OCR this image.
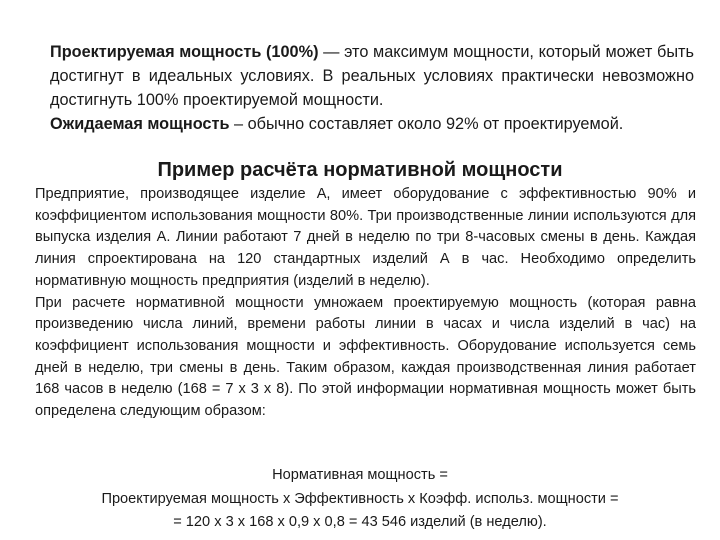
Проектируемая мощность (100%) — это максимум мощности, который может быть достигнут в идеальных условиях. В реальных условиях практически невозможно достигнуть 100% проектируемой мощности.

Ожидаемая мощность – обычно составляет около 92% от проектируемой.

Пример расчёта нормативной мощности

Предприятие, производящее изделие А, имеет оборудование с эффективностью 90% и коэффициентом использования мощности 80%. Три производственные линии используются для выпуска изделия А. Линии работают 7 дней в неделю по три 8-часовых смены в день. Каждая линия спроектирована на 120 стандартных изделий А в час. Необходимо определить нормативную мощность предприятия (изделий в неделю).

При расчете нормативной мощности умножаем проектируемую мощность (которая равна произведению числа линий, времени работы линии в часах и числа изделий в час) на коэффициент использования мощности и эффективность. Оборудование используется семь дней в неделю, три смены в день. Таким образом, каждая производственная линия работает 168 часов в неделю (168 = 7 х 3 х 8). По этой информации нормативная мощность может быть определена следующим образом:

Нормативная мощность =
Проектируемая мощность х Эффективность х Коэфф. использ. мощности =
= 120 х 3 х 168 х 0,9 х 0,8 = 43 546 изделий (в неделю).
